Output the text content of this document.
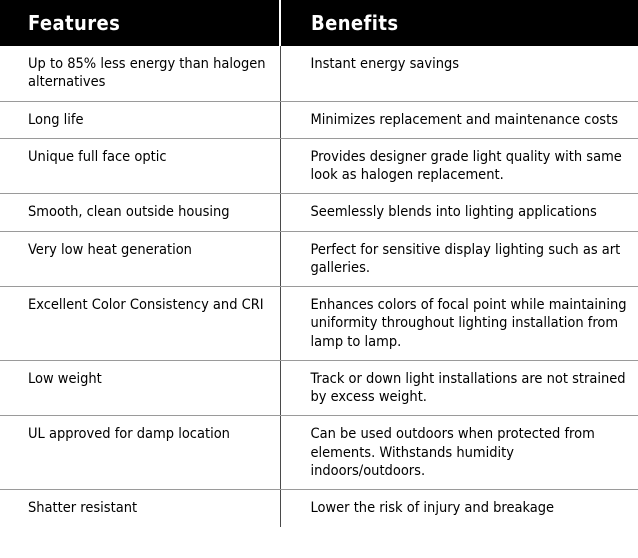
Features	Benefits
Up to 85% less energy than halogen alternatives	Instant energy savings
Long life	Minimizes replacement and maintenance costs
Unique full face optic	Provides designer grade light quality with same look as halogen replacement.
Smooth, clean outside housing	Seemlessly blends into lighting applications
Very low heat generation	Perfect for sensitive display lighting such as art galleries.
Excellent Color Consistency and CRI	Enhances colors of focal point while maintaining uniformity throughout lighting installation from lamp to lamp.
Low weight	Track or down light installations are not strained by excess weight.
UL approved for damp location	Can be used outdoors when protected from elements. Withstands humidity indoors/outdoors.
Shatter resistant	Lower the risk of injury and breakage
